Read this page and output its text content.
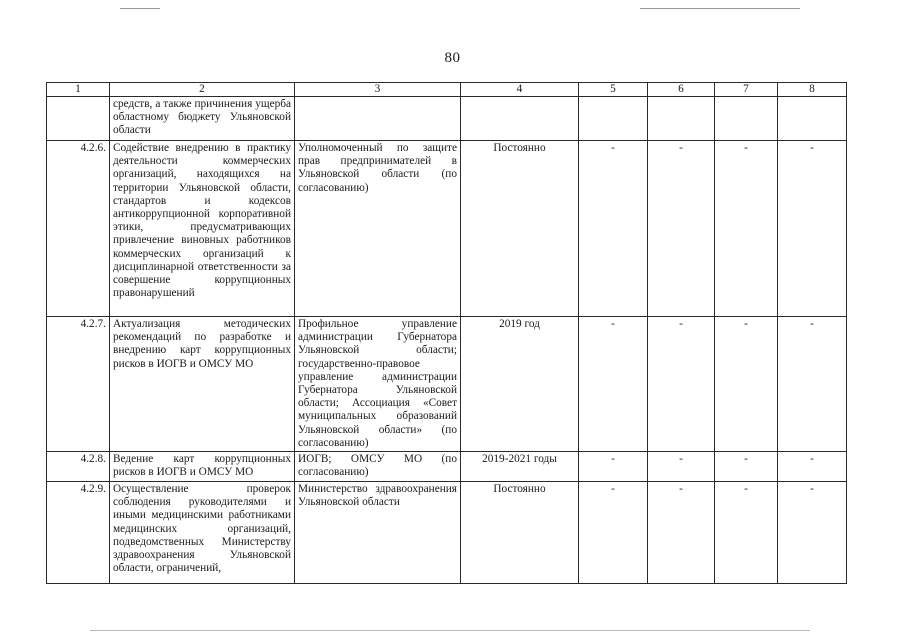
80
1	2	3	4	5	6	7	8
	средств, а также причинения ущерба областному бюджету Ульяновской области						
4.2.6.	Содействие внедрению в практику деятельности коммерческих организаций, находящихся на территории Ульяновской области, стандартов и кодексов антикоррупционной корпоративной этики, предусматривающих привлечение виновных работников коммерческих организаций к дисциплинарной ответственности за совершение коррупционных правонарушений	Уполномоченный по защите прав предпринимателей в Ульяновской области (по согласованию)	Постоянно	-	-	-	-
4.2.7.	Актуализация методических рекомендаций по разработке и внедрению карт коррупционных рисков в ИОГВ и ОМСУ МО	Профильное управление администрации Губернатора Ульяновской области; государственно-правовое управление администрации Губернатора Ульяновской области; Ассоциация «Совет муниципальных образований Ульяновской области» (по согласованию)	2019 год	-	-	-	-
4.2.8.	Ведение карт коррупционных рисков в ИОГВ и ОМСУ МО	ИОГВ; ОМСУ МО (по согласованию)	2019-2021 годы	-	-	-	-
4.2.9.	Осуществление проверок соблюдения руководителями и иными медицинскими работниками медицинских организаций, подведомственных Министерству здравоохранения Ульяновской области, ограничений,	Министерство здравоохранения Ульяновской области	Постоянно	-	-	-	-
